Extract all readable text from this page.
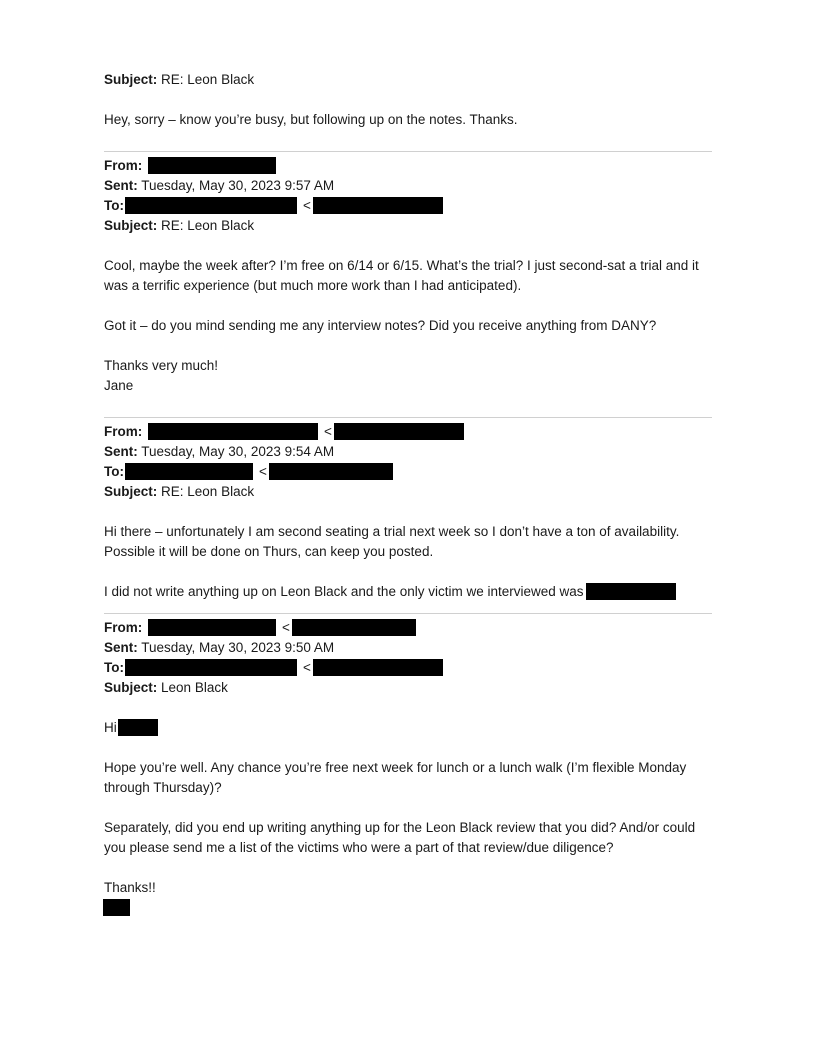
Subject: RE: Leon Black
Hey, sorry – know you’re busy, but following up on the notes. Thanks.
From:
Sent: Tuesday, May 30, 2023 9:57 AM
To:	<
Subject: RE: Leon Black
Cool, maybe the week after? I’m free on 6/14 or 6/15. What’s the trial? I just second-sat a trial and it
was a terrific experience (but much more work than I had anticipated).
Got it – do you mind sending me any interview notes? Did you receive anything from DANY?
Thanks very much!
Jane
From:	<
Sent: Tuesday, May 30, 2023 9:54 AM
To:	<
Subject: RE: Leon Black
Hi there – unfortunately I am second seating a trial next week so I don’t have a ton of availability.
Possible it will be done on Thurs, can keep you posted.
I did not write anything up on Leon Black and the only victim we interviewed was
From:	<
Sent: Tuesday, May 30, 2023 9:50 AM
To:	<
Subject: Leon Black
Hi
Hope you’re well. Any chance you’re free next week for lunch or a lunch walk (I’m flexible Monday
through Thursday)?
Separately, did you end up writing anything up for the Leon Black review that you did? And/or could
you please send me a list of the victims who were a part of that review/due diligence?
Thanks!!
